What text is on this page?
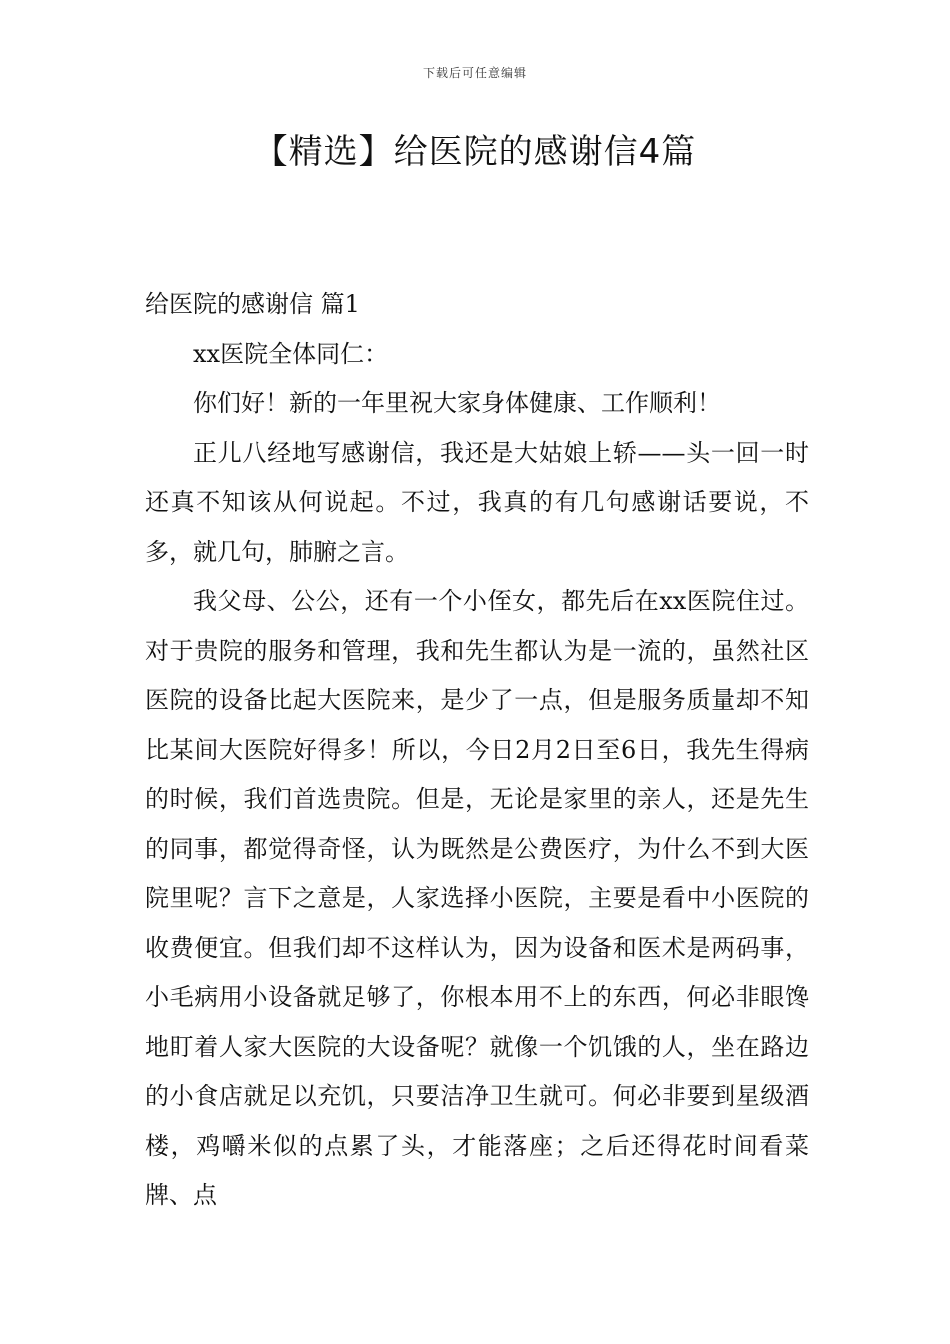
下载后可任意编辑
【精选】给医院的感谢信4篇

给医院的感谢信 篇1

xx医院全体同仁：

你们好！新的一年里祝大家身体健康、工作顺利！

正儿八经地写感谢信，我还是大姑娘上轿——头一回一时还真不知该从何说起。不过，我真的有几句感谢话要说，不多，就几句，肺腑之言。

我父母、公公，还有一个小侄女，都先后在xx医院住过。对于贵院的服务和管理，我和先生都认为是一流的，虽然社区医院的设备比起大医院来，是少了一点，但是服务质量却不知比某间大医院好得多！所以，今日2月2日至6日，我先生得病的时候，我们首选贵院。但是，无论是家里的亲人，还是先生的同事，都觉得奇怪，认为既然是公费医疗，为什么不到大医院里呢？言下之意是，人家选择小医院，主要是看中小医院的收费便宜。但我们却不这样认为，因为设备和医术是两码事，小毛病用小设备就足够了，你根本用不上的东西，何必非眼馋地盯着人家大医院的大设备呢？就像一个饥饿的人，坐在路边的小食店就足以充饥，只要洁净卫生就可。何必非要到星级酒楼，鸡嚼米似的点累了头，才能落座；之后还得花时间看菜牌、点
